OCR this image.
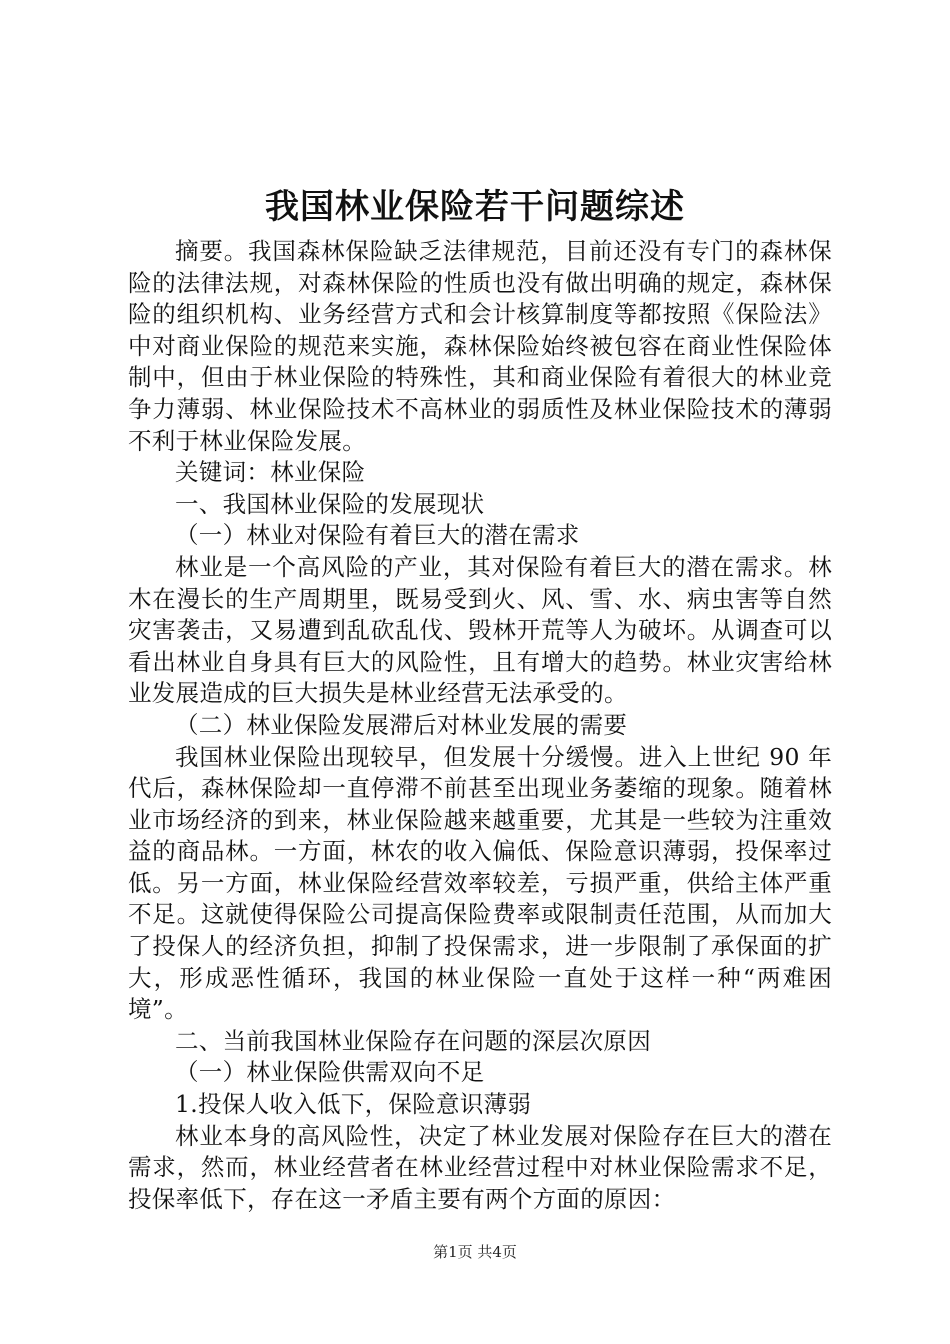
我国林业保险若干问题综述

摘要。我国森林保险缺乏法律规范，目前还没有专门的森林保险的法律法规，对森林保险的性质也没有做出明确的规定，森林保险的组织机构、业务经营方式和会计核算制度等都按照《保险法》中对商业保险的规范来实施，森林保险始终被包容在商业性保险体制中，但由于林业保险的特殊性，其和商业保险有着很大的林业竞争力薄弱、林业保险技术不高林业的弱质性及林业保险技术的薄弱不利于林业保险发展。

关键词：林业保险

一、我国林业保险的发展现状

（一）林业对保险有着巨大的潜在需求

林业是一个高风险的产业，其对保险有着巨大的潜在需求。林木在漫长的生产周期里，既易受到火、风、雪、水、病虫害等自然灾害袭击，又易遭到乱砍乱伐、毁林开荒等人为破坏。从调查可以看出林业自身具有巨大的风险性，且有增大的趋势。林业灾害给林业发展造成的巨大损失是林业经营无法承受的。

（二）林业保险发展滞后对林业发展的需要

我国林业保险出现较早，但发展十分缓慢。进入上世纪 90 年代后，森林保险却一直停滞不前甚至出现业务萎缩的现象。随着林业市场经济的到来，林业保险越来越重要，尤其是一些较为注重效益的商品林。一方面，林农的收入偏低、保险意识薄弱，投保率过低。另一方面，林业保险经营效率较差，亏损严重，供给主体严重不足。这就使得保险公司提高保险费率或限制责任范围，从而加大了投保人的经济负担，抑制了投保需求，进一步限制了承保面的扩大，形成恶性循环，我国的林业保险一直处于这样一种“两难困境”。

二、当前我国林业保险存在问题的深层次原因

（一）林业保险供需双向不足

1.投保人收入低下，保险意识薄弱

林业本身的高风险性，决定了林业发展对保险存在巨大的潜在需求，然而，林业经营者在林业经营过程中对林业保险需求不足，投保率低下，存在这一矛盾主要有两个方面的原因：

第1页 共4页
